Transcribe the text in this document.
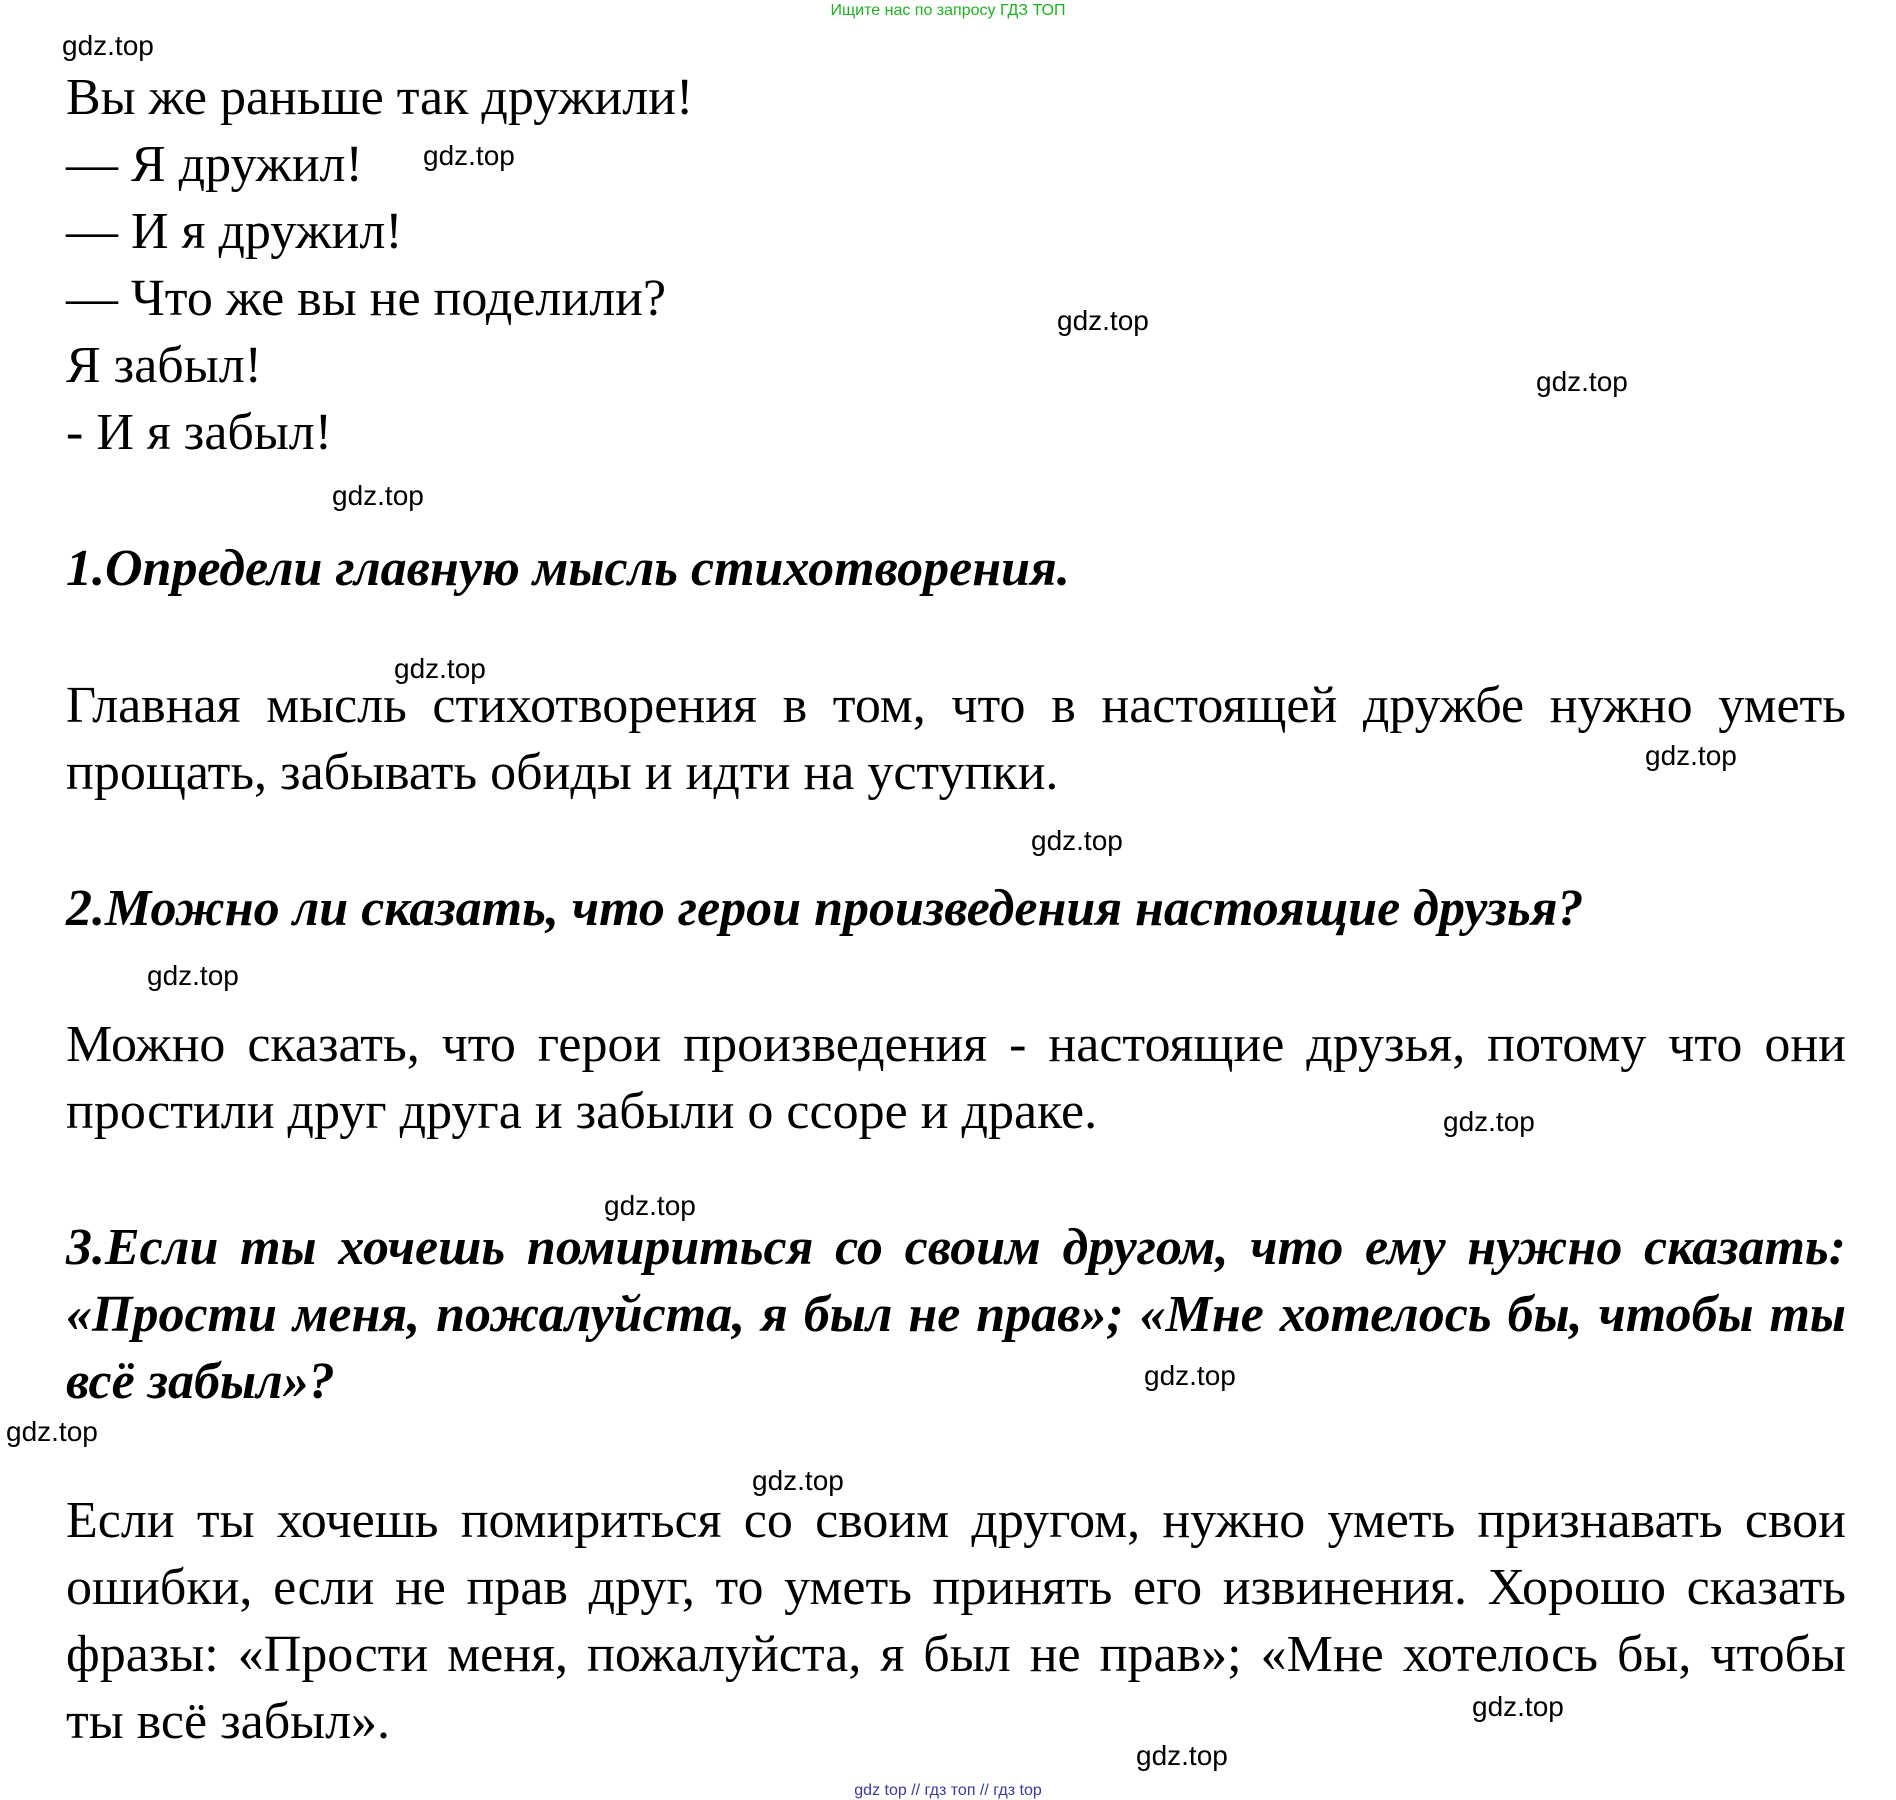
Ищите нас по запросу ГДЗ ТОП
Вы же раньше так дружили!
— Я дружил!
— И я дружил!
— Что же вы не поделили?
Я забыл!
- И я забыл!
1.Определи главную мысль стихотворения.
Главная мысль стихотворения в том, что в настоящей дружбе нужно уметь прощать, забывать обиды и идти на уступки.
2.Можно ли сказать, что герои произведения настоящие друзья?
Можно сказать, что герои произведения - настоящие друзья, потому что они простили друг друга и забыли о ссоре и драке.
3.Если ты хочешь помириться со своим другом, что ему нужно сказать: «Прости меня, пожалуйста, я был не прав»; «Мне хотелось бы, чтобы ты всё забыл»?
Если ты хочешь помириться со своим другом, нужно уметь признавать свои ошибки, если не прав друг, то уметь принять его извинения. Хорошо сказать фразы: «Прости меня, пожалуйста, я был не прав»; «Мне хотелось бы, чтобы ты всё забыл».
gdz.top
gdz.top
gdz.top
gdz.top
gdz.top
gdz.top
gdz.top
gdz.top
gdz.top
gdz.top
gdz.top
gdz.top
gdz.top
gdz.top
gdz.top
gdz.top
gdz top // гдз топ // гдз top
